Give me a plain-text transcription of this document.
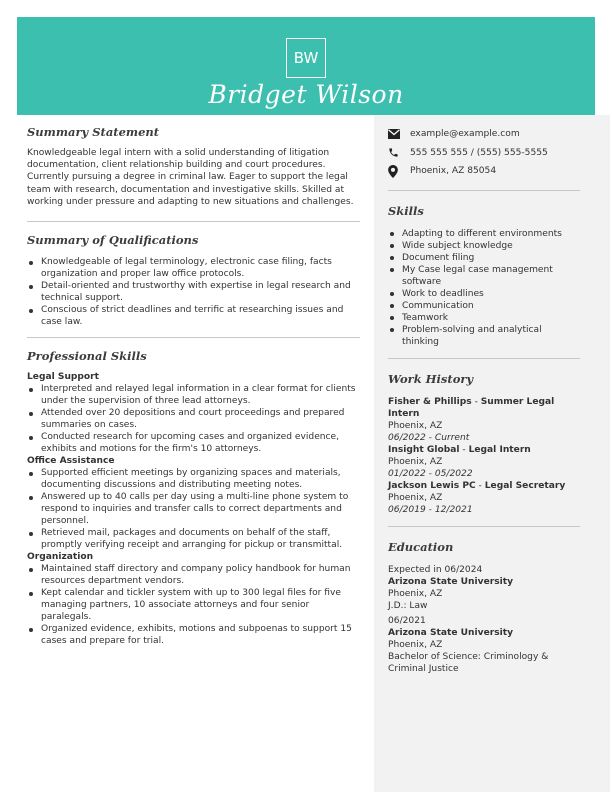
BW
Bridget Wilson
Summary Statement

Knowledgeable legal intern with a solid understanding of litigation documentation, client relationship building and court procedures. Currently pursuing a degree in criminal law. Eager to support the legal team with research, documentation and investigative skills. Skilled at working under pressure and adapting to new situations and challenges.

Summary of Qualifications
Knowledgeable of legal terminology, electronic case filing, facts organization and proper law office protocols.
Detail-oriented and trustworthy with expertise in legal research and technical support.
Conscious of strict deadlines and terrific at researching issues and case law.
Professional Skills
Legal Support
Interpreted and relayed legal information in a clear format for clients under the supervision of three lead attorneys.
Attended over 20 depositions and court proceedings and prepared summaries on cases.
Conducted research for upcoming cases and organized evidence, exhibits and motions for the firm's 10 attorneys.
Office Assistance
Supported efficient meetings by organizing spaces and materials, documenting discussions and distributing meeting notes.
Answered up to 40 calls per day using a multi-line phone system to respond to inquiries and transfer calls to correct departments and personnel.
Retrieved mail, packages and documents on behalf of the staff, promptly verifying receipt and arranging for pickup or transmittal.
Organization
Maintained staff directory and company policy handbook for human resources department vendors.
Kept calendar and tickler system with up to 300 legal files for five managing partners, 10 associate attorneys and four senior paralegals.
Organized evidence, exhibits, motions and subpoenas to support 15 cases and prepare for trial.
example@example.com
555 555 555 / (555) 555-5555
Phoenix, AZ 85054
Skills
Adapting to different environments
Wide subject knowledge
Document filing
My Case legal case management software
Work to deadlines
Communication
Teamwork
Problem-solving and analytical thinking
Work History
Fisher & Phillips - Summer Legal Intern
Phoenix, AZ
06/2022 - Current
Insight Global - Legal Intern
Phoenix, AZ
01/2022 - 05/2022
Jackson Lewis PC - Legal Secretary
Phoenix, AZ
06/2019 - 12/2021
Education
Expected in 06/2024
Arizona State University
Phoenix, AZ
J.D.: Law
06/2021
Arizona State University
Phoenix, AZ
Bachelor of Science: Criminology & Criminal Justice
